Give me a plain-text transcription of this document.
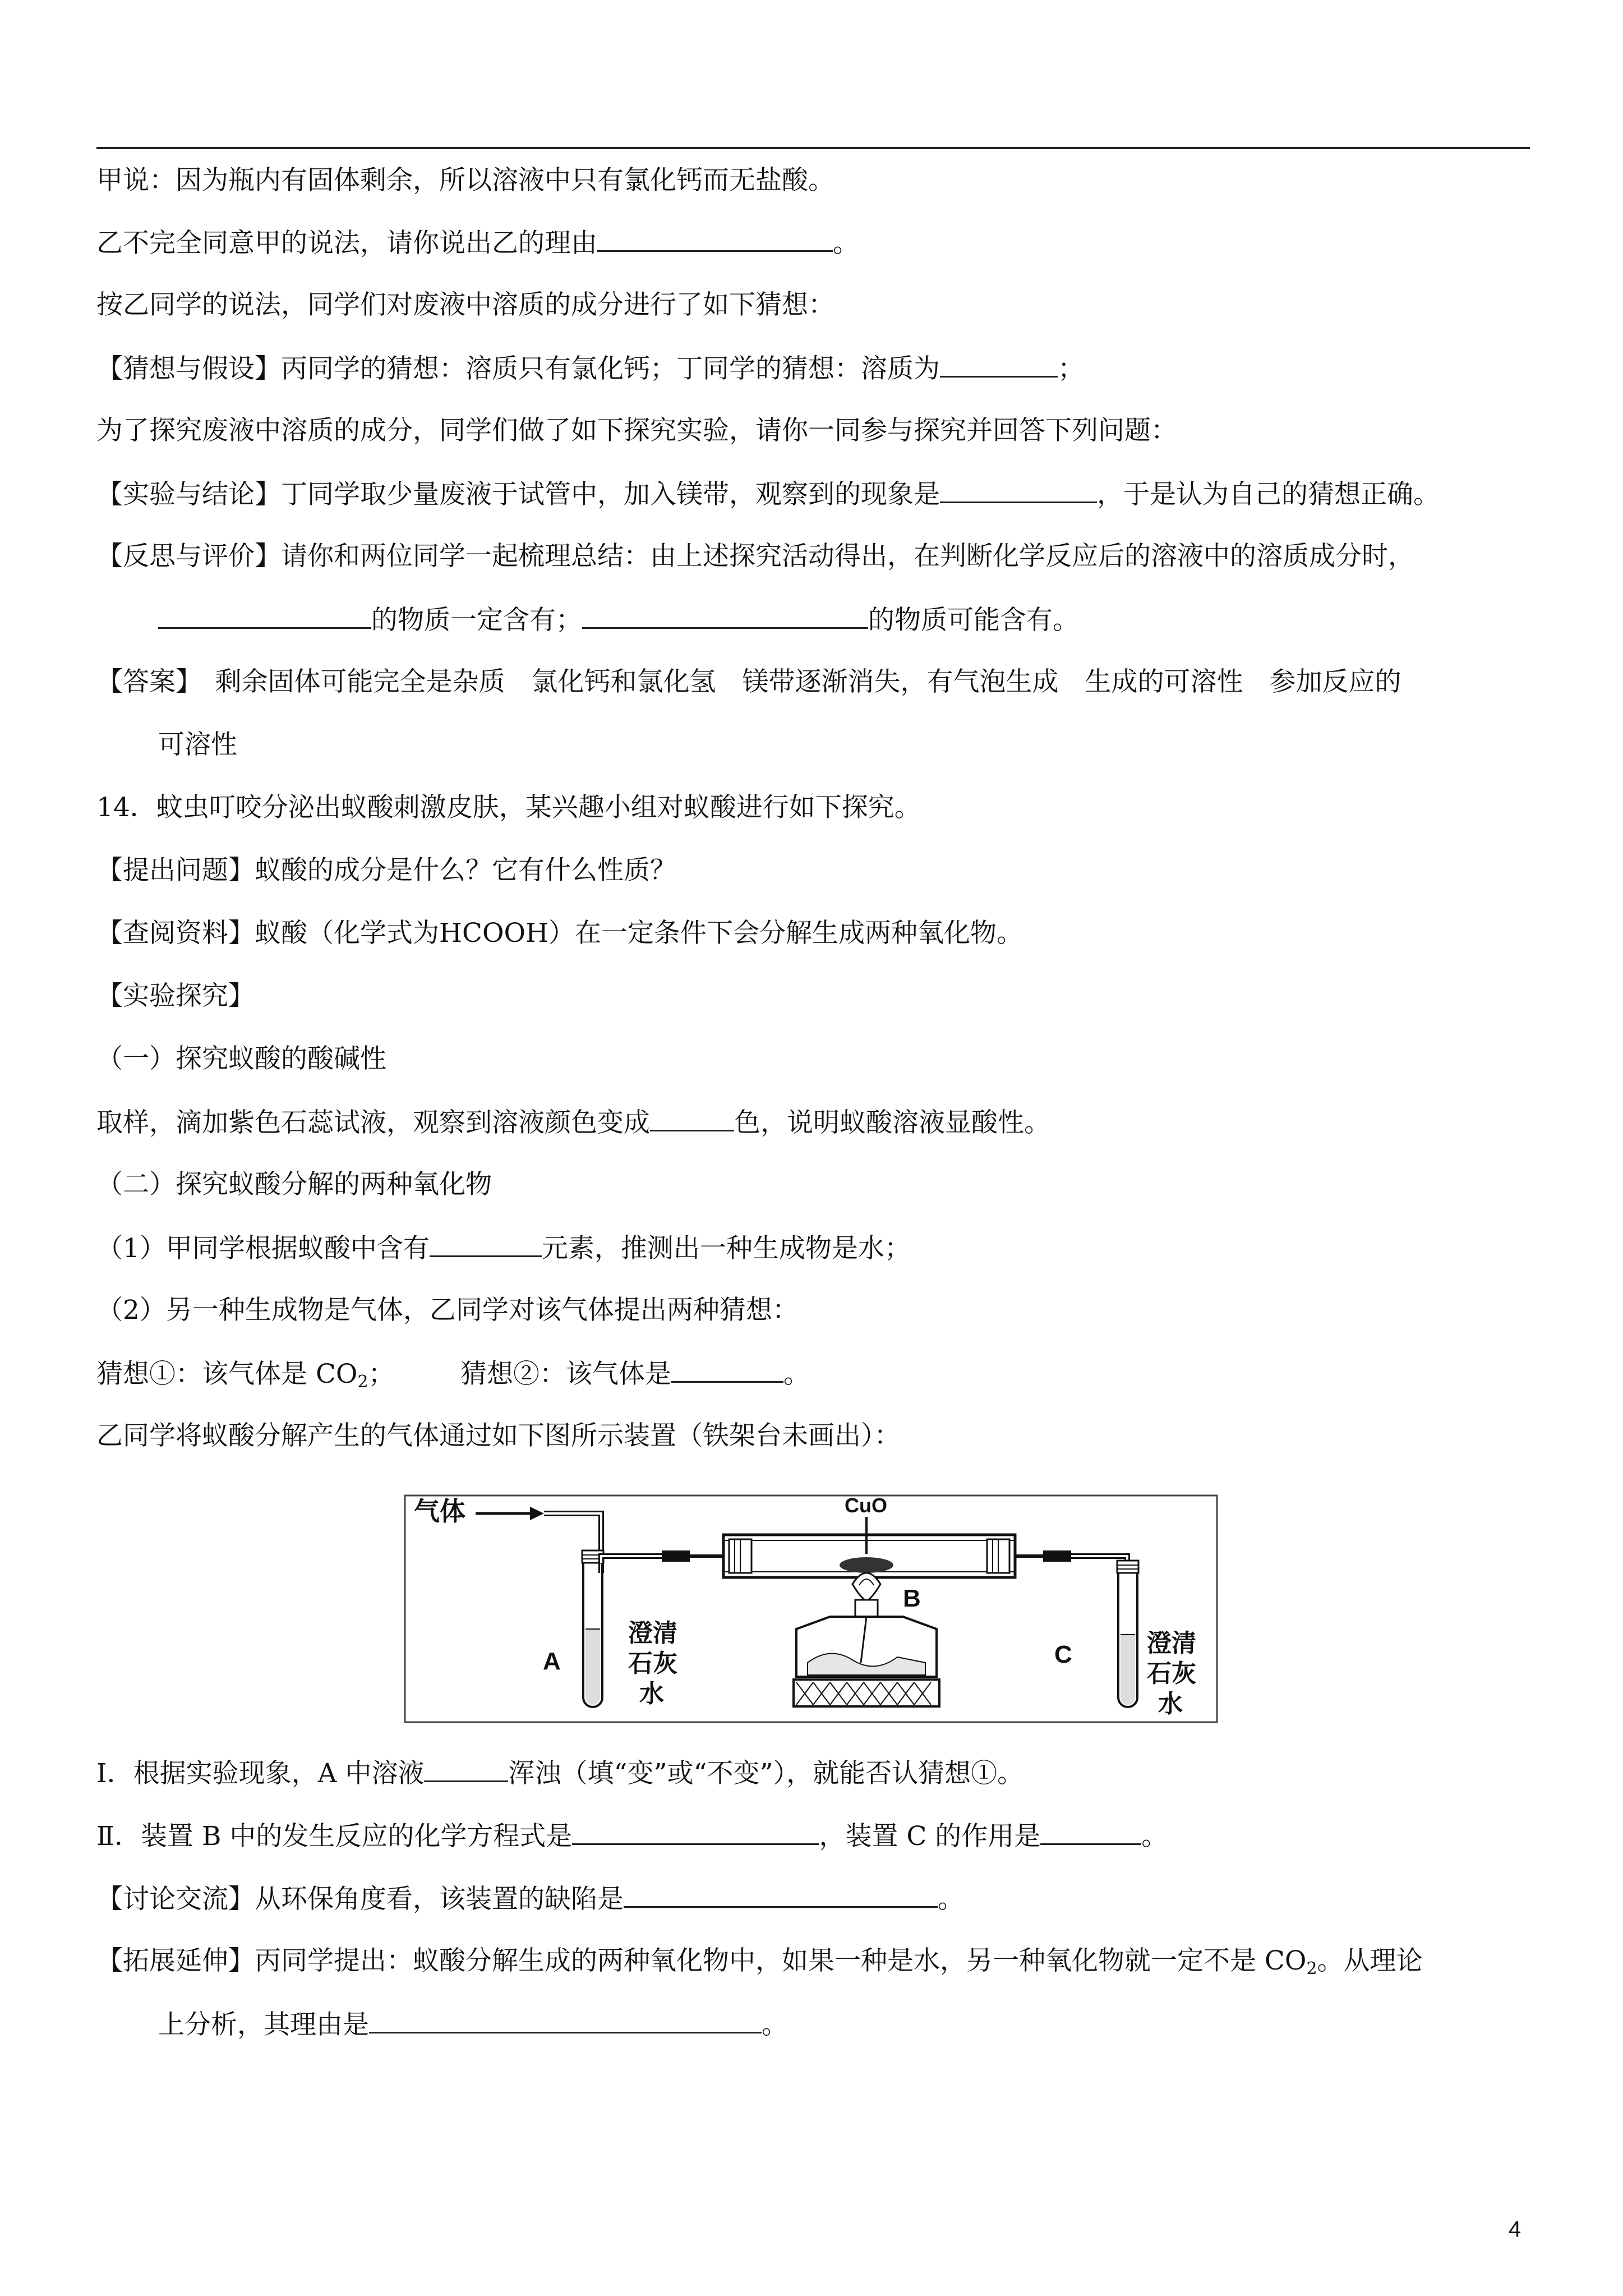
甲说：因为瓶内有固体剩余，所以溶液中只有氯化钙而无盐酸。
乙不完全同意甲的说法，请你说出乙的理由	。
按乙同学的说法，同学们对废液中溶质的成分进行了如下猜想：
【猜想与假设】丙同学的猜想：溶质只有氯化钙；丁同学的猜想：溶质为	；
为了探究废液中溶质的成分，同学们做了如下探究实验，请你一同参与探究并回答下列问题：
【实验与结论】丁同学取少量废液于试管中，加入镁带，观察到的现象是	，于是认为自己的猜想正确。
【反思与评价】请你和两位同学一起梳理总结：由上述探究活动得出，在判断化学反应后的溶液中的溶质成分时，
的物质一定含有；	的物质可能含有。
【答案】　剩余固体可能完全是杂质　氯化钙和氯化氢　镁带逐渐消失，有气泡生成　生成的可溶性　参加反应的
可溶性
14．蚊虫叮咬分泌出蚁酸刺激皮肤，某兴趣小组对蚁酸进行如下探究。
【提出问题】蚁酸的成分是什么？它有什么性质？
【查阅资料】蚁酸（化学式为HCOOH）在一定条件下会分解生成两种氧化物。
【实验探究】
（一）探究蚁酸的酸碱性
取样，滴加紫色石蕊试液，观察到溶液颜色变成	色，说明蚁酸溶液显酸性。
（二）探究蚁酸分解的两种氧化物
（1）甲同学根据蚁酸中含有	元素，推测出一种生成物是水；
（2）另一种生成物是气体，乙同学对该气体提出两种猜想：
猜想①：该气体是 $CO_2$；　　　猜想②：该气体是	。
乙同学将蚁酸分解产生的气体通过如下图所示装置（铁架台未画出）：
气体
A
澄清
石灰
水
CuO
B
C	澄清
石灰
水
Ⅰ．根据实验现象，A 中溶液	浑浊（填“变”或“不变”），就能否认猜想①。
Ⅱ．装置 B 中的发生反应的化学方程式是	，装置 C 的作用是	。
【讨论交流】从环保角度看，该装置的缺陷是	。
【拓展延伸】丙同学提出：蚁酸分解生成的两种氧化物中，如果一种是水，另一种氧化物就一定不是 $CO_2$。从理论
上分析，其理由是	。
4
